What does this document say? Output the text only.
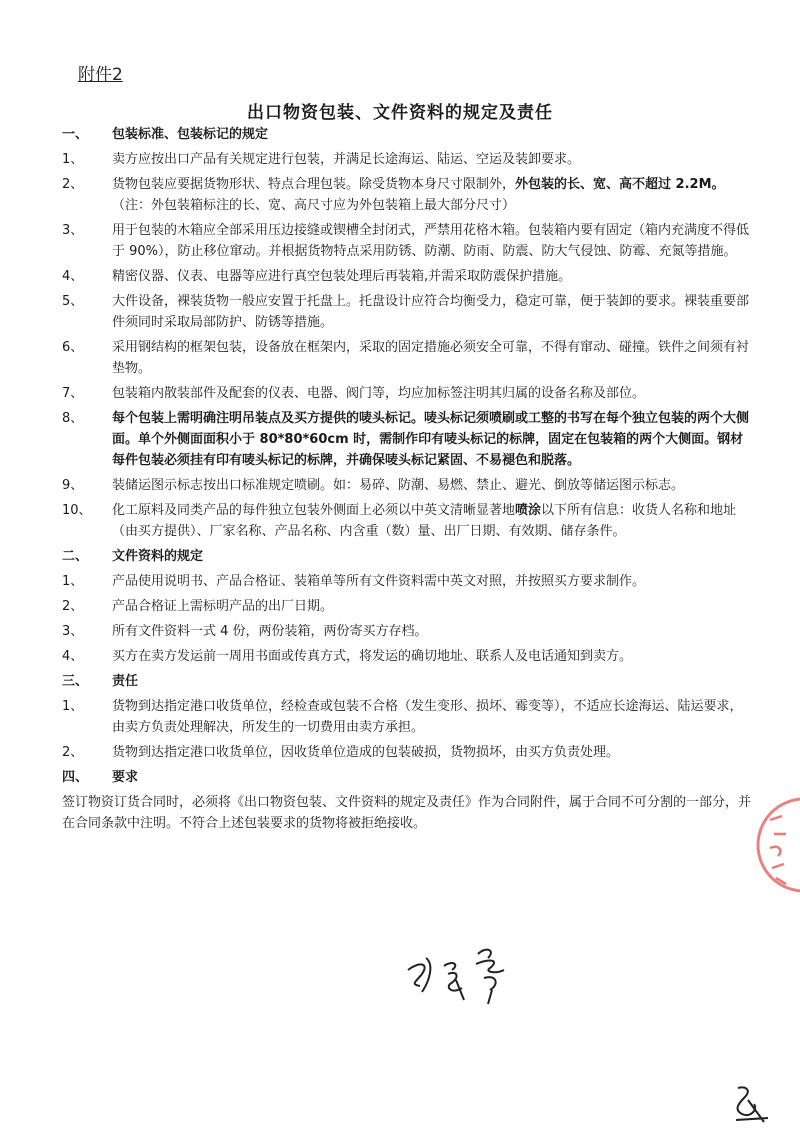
附件2
出口物资包装、文件资料的规定及责任
一、	包装标准、包装标记的规定
1、	卖方应按出口产品有关规定进行包装，并满足长途海运、陆运、空运及装卸要求。
2、	货物包装应要据货物形状、特点合理包装。除受货物本身尺寸限制外，外包装的长、宽、高不超过 2.2M。
（注：外包装箱标注的长、宽、高尺寸应为外包装箱上最大部分尺寸）
3、	用于包装的木箱应全部采用压边接缝或锲槽全封闭式，严禁用花格木箱。包装箱内要有固定（箱内充满度不得低于 90%），防止移位窜动。并根据货物特点采用防锈、防潮、防雨、防震、防大气侵蚀、防霉、充氮等措施。
4、	精密仪器、仪表、电器等应进行真空包装处理后再装箱,并需采取防震保护措施。
5、	大件设备，裸装货物一般应安置于托盘上。托盘设计应符合均衡受力，稳定可靠，便于装卸的要求。裸装重要部件须同时采取局部防护、防锈等措施。
6、	采用钢结构的框架包装，设备放在框架内，采取的固定措施必须安全可靠，不得有窜动、碰撞。铁件之间须有衬垫物。
7、	包装箱内散装部件及配套的仪表、电器、阀门等，均应加标签注明其归属的设备名称及部位。
8、	每个包装上需明确注明吊装点及买方提供的唛头标记。唛头标记须喷刷或工整的书写在每个独立包装的两个大侧面。单个外侧面面积小于 80*80*60cm 时，需制作印有唛头标记的标牌，固定在包装箱的两个大侧面。钢材每件包装必须挂有印有唛头标记的标牌，并确保唛头标记紧固、不易褪色和脱落。
9、	装储运图示标志按出口标准规定喷刷。如：易碎、防潮、易燃、禁止、避光、倒放等储运图示标志。
10、	化工原料及同类产品的每件独立包装外侧面上必须以中英文清晰显著地喷涂以下所有信息：收货人名称和地址（由买方提供）、厂家名称、产品名称、内含重（数）量、出厂日期、有效期、储存条件。
二、	文件资料的规定
1、	产品使用说明书、产品合格证、装箱单等所有文件资料需中英文对照，并按照买方要求制作。
2、	产品合格证上需标明产品的出厂日期。
3、	所有文件资料一式 4 份，两份装箱，两份寄买方存档。
4、	买方在卖方发运前一周用书面或传真方式，将发运的确切地址、联系人及电话通知到卖方。
三、	责任
1、	货物到达指定港口收货单位，经检查或包装不合格（发生变形、损坏、霉变等），不适应长途海运、陆运要求，由卖方负责处理解决，所发生的一切费用由卖方承担。
2、	货物到达指定港口收货单位，因收货单位造成的包装破损，货物损坏，由买方负责处理。
四、	要求
签订物资订货合同时，必须将《出口物资包装、文件资料的规定及责任》作为合同附件，属于合同不可分割的一部分，并在合同条款中注明。不符合上述包装要求的货物将被拒绝接收。
